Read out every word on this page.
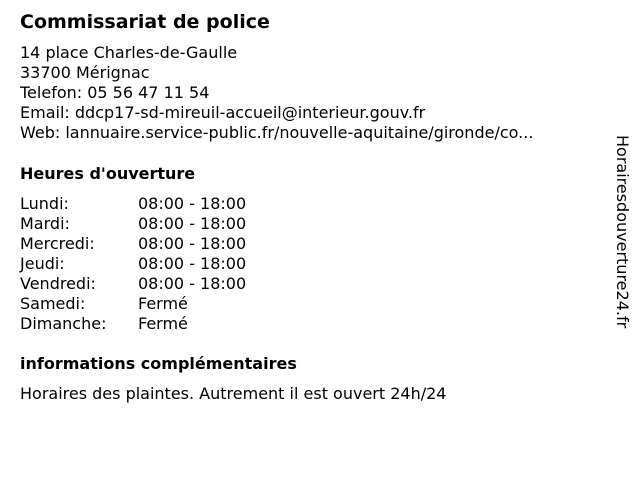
Commissariat de police
14 place Charles-de-Gaulle
33700 Mérignac
Telefon: 05 56 47 11 54
Email: ddcp17-sd-mireuil-accueil@interieur.gouv.fr
Web: lannuaire.service-public.fr/nouvelle-aquitaine/gironde/co...
Heures d'ouverture
Lundi:	08:00 - 18:00
Mardi:	08:00 - 18:00
Mercredi:	08:00 - 18:00
Jeudi:	08:00 - 18:00
Vendredi:	08:00 - 18:00
Samedi:	Fermé
Dimanche:	Fermé
informations complémentaires
Horaires des plaintes. Autrement il est ouvert 24h/24
Horairesdouverture24.fr
